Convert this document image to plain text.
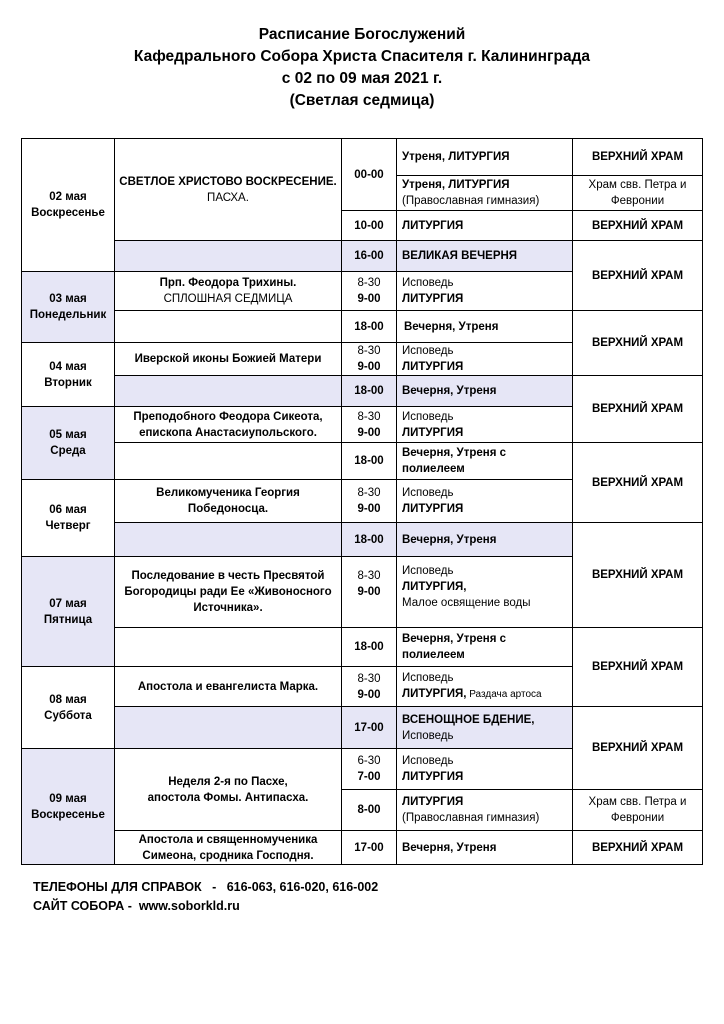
Расписание Богослужений
Кафедрального Собора Христа Спасителя г. Калининграда
с 02 по 09 мая 2021 г.
(Светлая седмица)
02 мая
Воскресенье
03 мая
Понедельник
04 мая
Вторник
05 мая
Среда
06 мая
Четверг
07 мая
Пятница
08 мая
Суббота
09 мая
Воскресенье
СВЕТЛОЕ ХРИСТОВО ВОСКРЕСЕНИЕ.
ПАСХА.
Прп. Феодора Трихины.
СПЛОШНАЯ СЕДМИЦА
Иверской иконы Божией Матери
Преподобного Феодора Сикеота,
епископа Анастасиупольского.
Великомученика Георгия
Победоносца.
Последование в честь Пресвятой
Богородицы ради Ее «Живоносного
Источника».
Апостола и евангелиста Марка.
Неделя 2-я по Пасхе,
апостола Фомы. Антипасха.
Апостола и священномученика
Симеона, сродника Господня.
00-00
10-00
16-00
8-30
9-00
18-00
8-30
9-00
18-00
8-30
9-00
18-00
8-30
9-00
18-00
8-30
9-00

18-00
8-30
9-00
17-00
6-30
7-00
8-00
17-00
Утреня, ЛИТУРГИЯ
Утреня, ЛИТУРГИЯ
(Православная гимназия)
ЛИТУРГИЯ
ВЕЛИКАЯ ВЕЧЕРНЯ
Исповедь
ЛИТУРГИЯ
Вечерня, Утреня
Исповедь
ЛИТУРГИЯ
Вечерня, Утреня
Исповедь
ЛИТУРГИЯ
Вечерня, Утреня с
полиелеем
Исповедь
ЛИТУРГИЯ
Вечерня, Утреня
Исповедь
ЛИТУРГИЯ,
Малое освящение воды
Вечерня, Утреня с
полиелеем
Исповедь
ЛИТУРГИЯ, Раздача артоса
ВСЕНОЩНОЕ БДЕНИЕ,
Исповедь
Исповедь
ЛИТУРГИЯ
ЛИТУРГИЯ
(Православная гимназия)
Вечерня, Утреня
ВЕРХНИЙ ХРАМ
Храм свв. Петра и
Февронии
ВЕРХНИЙ ХРАМ
ВЕРХНИЙ ХРАМ
ВЕРХНИЙ ХРАМ
ВЕРХНИЙ ХРАМ
ВЕРХНИЙ ХРАМ
ВЕРХНИЙ ХРАМ
ВЕРХНИЙ ХРАМ
ВЕРХНИЙ ХРАМ
Храм свв. Петра и
Февронии
ВЕРХНИЙ ХРАМ
ТЕЛЕФОНЫ ДЛЯ СПРАВОК   -   616-063, 616-020, 616-002
САЙТ СОБОРА -  www.soborkld.ru
